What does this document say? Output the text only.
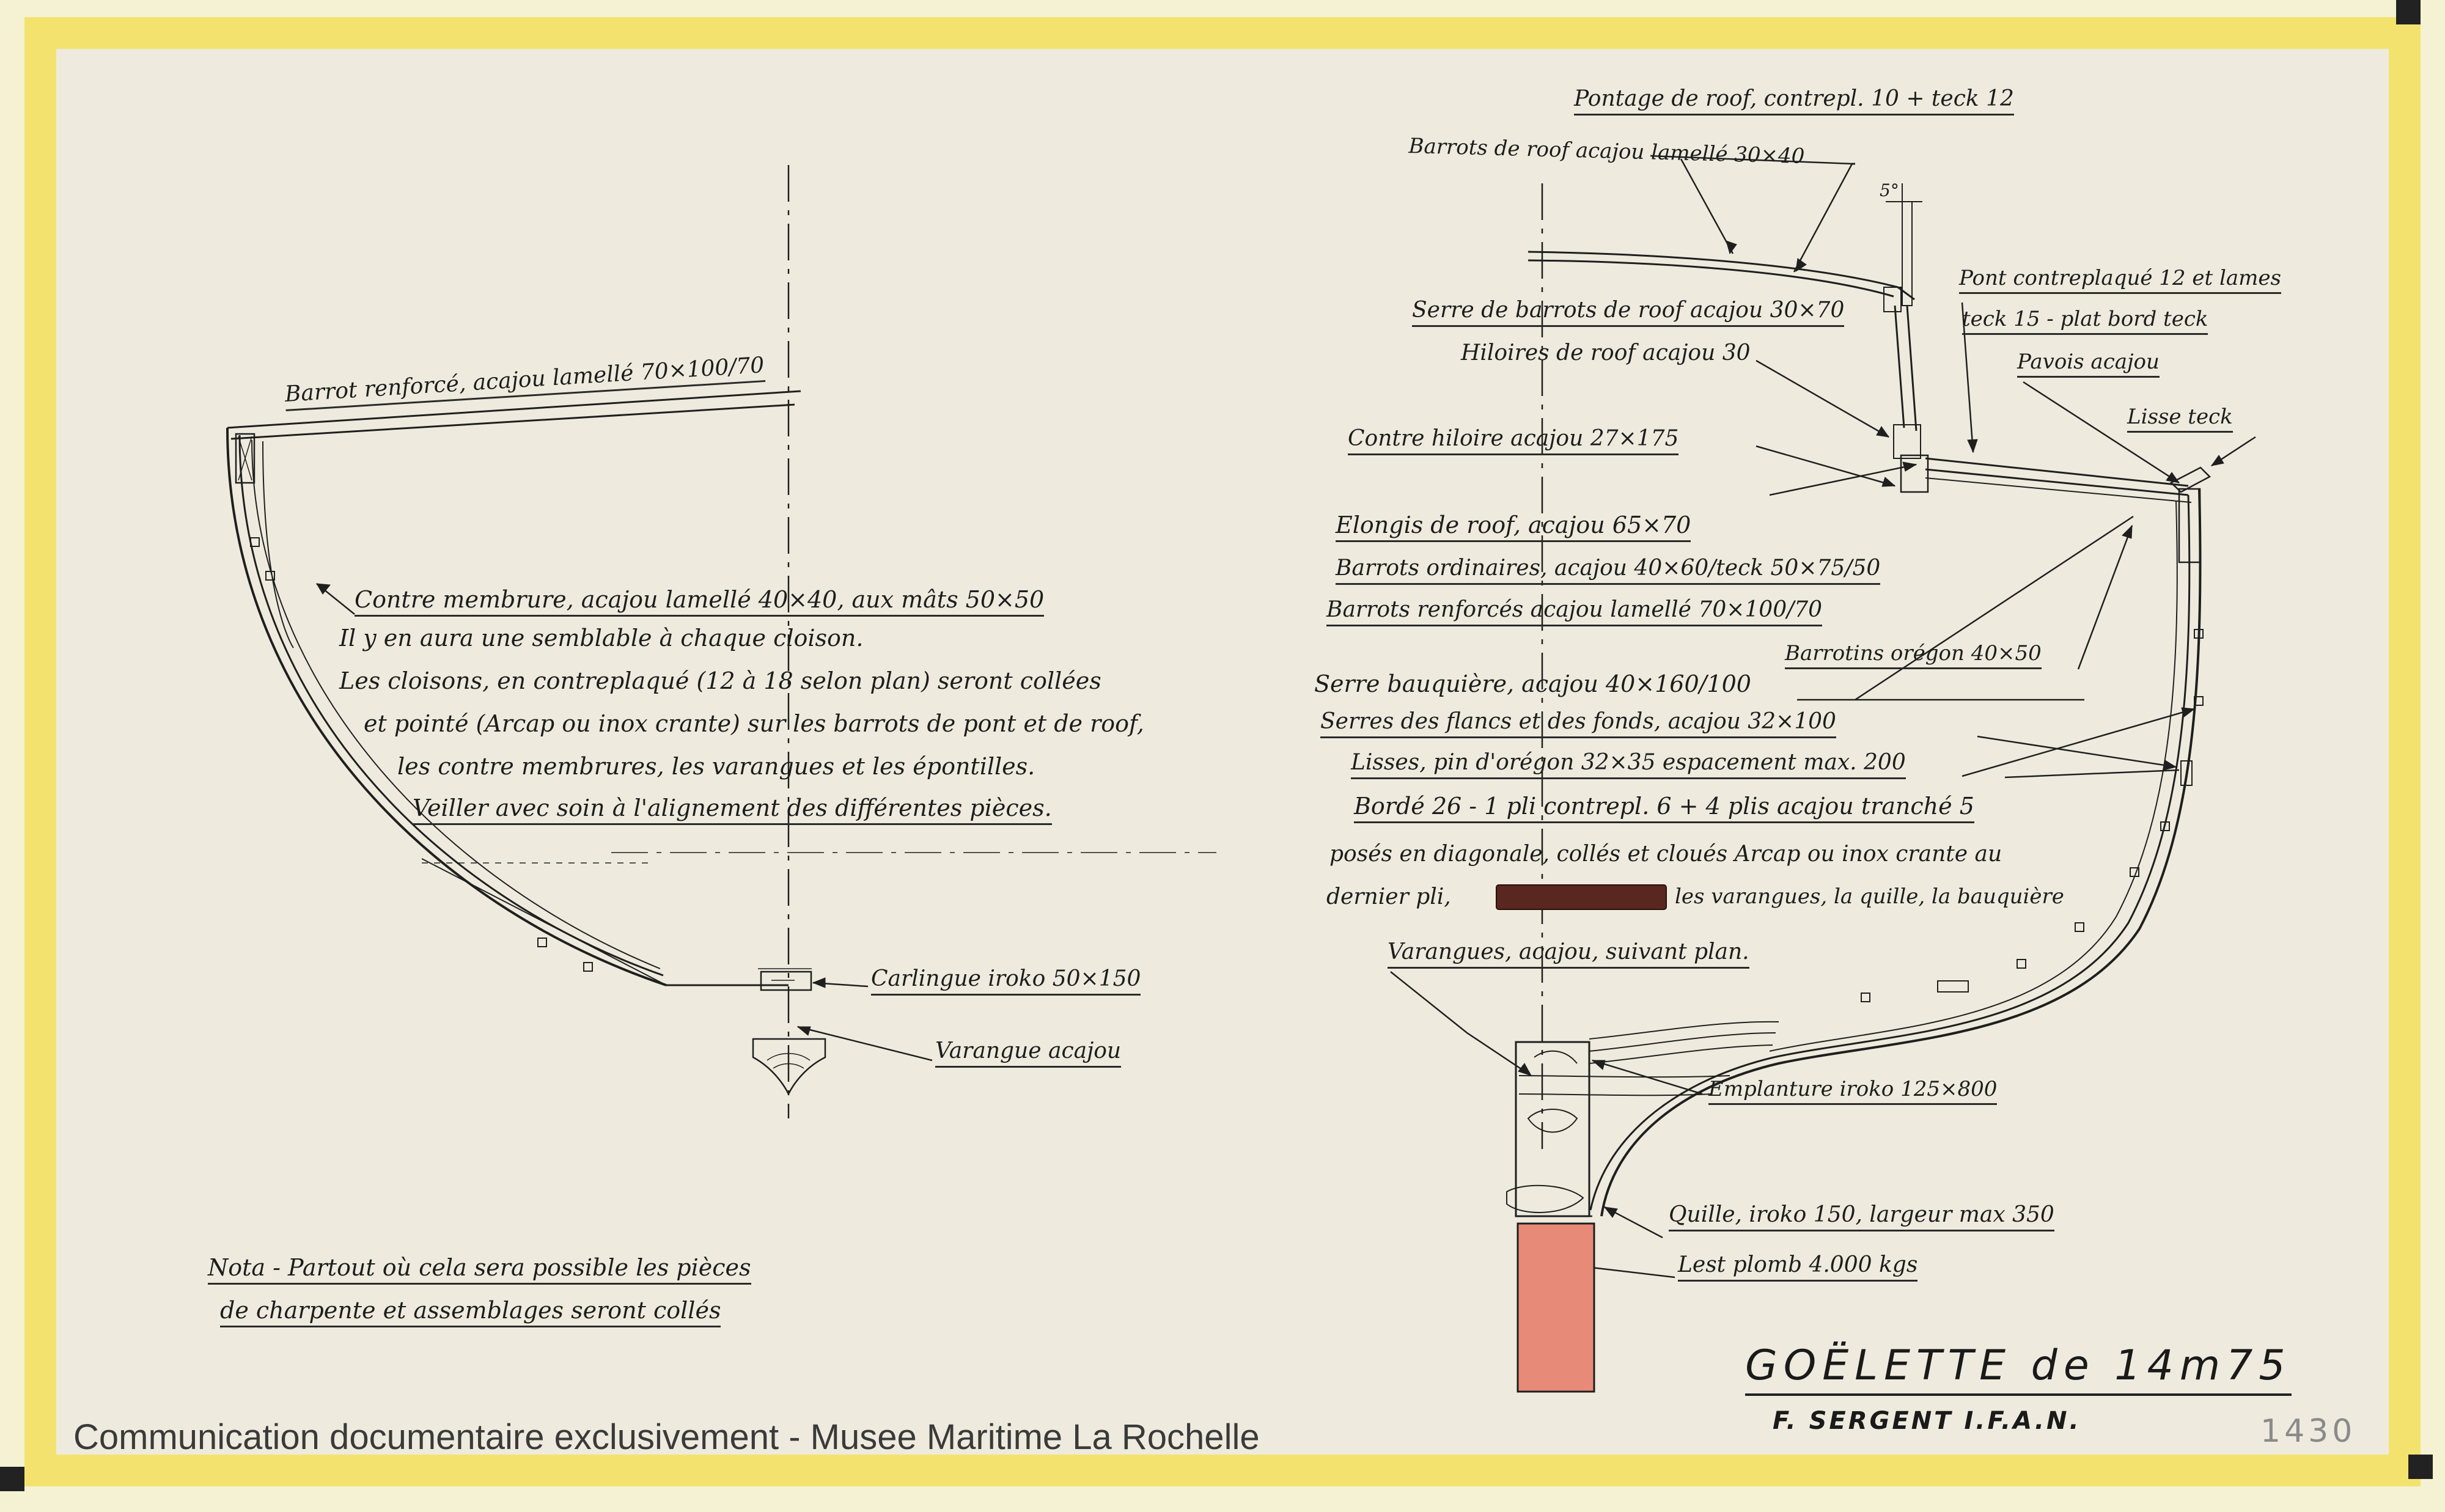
Barrot renforcé, acajou lamellé 70×100/70
Contre membrure, acajou lamellé 40×40, aux mâts 50×50
Il y en aura une semblable à chaque cloison.
Les cloisons, en contreplaqué (12 à 18 selon plan) seront collées
et pointé (Arcap ou inox crante) sur les barrots de pont et de roof,
les contre membrures, les varangues et les épontilles.
Veiller avec soin à l'alignement des différentes pièces.
Carlingue iroko 50×150
Varangue acajou
Pontage de roof, contrepl. 10 + teck 12
Barrots de roof acajou lamellé 30×40
Serre de barrots de roof acajou 30×70
Hiloires de roof acajou 30
Contre hiloire acajou 27×175
Elongis de roof, acajou 65×70
Barrots ordinaires, acajou 40×60/teck 50×75/50
Barrots renforcés acajou lamellé 70×100/70
Pont contreplaqué 12 et lames
teck 15 - plat bord teck
Pavois acajou
Lisse teck
Barrotins orégon 40×50
5°
Serre bauquière, acajou 40×160/100
Serres des flancs et des fonds, acajou 32×100
Lisses, pin d'orégon 32×35 espacement max. 200
Bordé 26 - 1 pli contrepl. 6 + 4 plis acajou tranché 5
posés en diagonale, collés et cloués Arcap ou inox crante au
dernier pli,	les varangues, la quille, la bauquière
Varangues, acajou, suivant plan.
Emplanture iroko 125×800
Quille, iroko 150, largeur max 350
Lest plomb 4.000 kgs
Nota - Partout où cela sera possible les pièces
de charpente et assemblages seront collés
GOËLETTE de 14m75
F. SERGENT I.F.A.N.	1430
Communication documentaire exclusivement - Musee Maritime La Rochelle
